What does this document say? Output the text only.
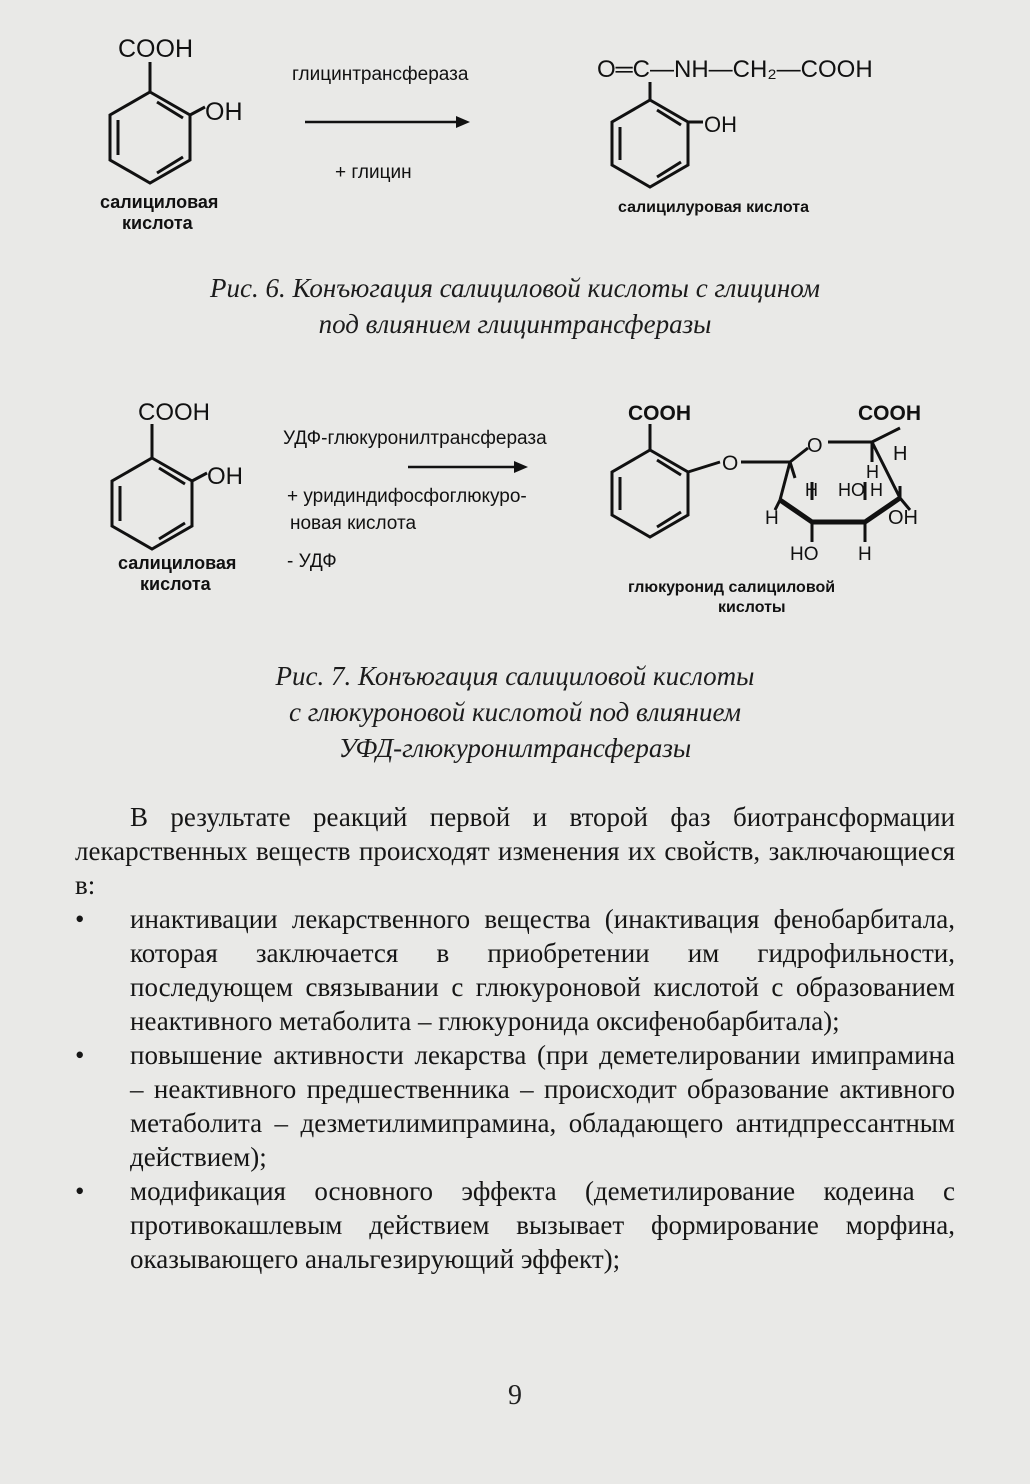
COOH
OH
салициловая
кислота
глицинтрансфераза
+ глицин
O═C—NH—CH₂—COOH
OH
салицилуровая кислота
Рис. 6. Конъюгация салициловой кислоты с глицином
под влиянием глицинтрансферазы
COOH
OH
салициловая
кислота
УДФ-глюкуронилтрансфераза
+ уридиндифосфоглюкуро-
новая кислота
- УДФ
COOH
O
COOH
O	H
H
H HO H
H	OH
HO H
глюкуронид салициловой
кислоты
Рис. 7. Конъюгация салициловой кислоты
с глюкуроновой кислотой под влиянием
УФД-глюкуронилтрансферазы

В результате реакций первой и второй фаз биотрансформации лекарственных веществ происходят изменения их свойств, заключающиеся в:

•	инактивации лекарственного вещества (инактивация фенобарбитала, которая заключается в приобретении им гидрофильности, последующем связывании с глюкуроновой кислотой с образованием неактивного метаболита – глюкуронида оксифенобарбитала);
•	повышение активности лекарства (при деметелировании имипрамина – неактивного предшественника – происходит образование активного метаболита – дезметилимипрамина, обладающего антидпрессантным действием);
•	модификация основного эффекта (деметилирование кодеина с противокашлевым действием вызывает формирование морфина, оказывающего анальгезирующий эффект);
9
